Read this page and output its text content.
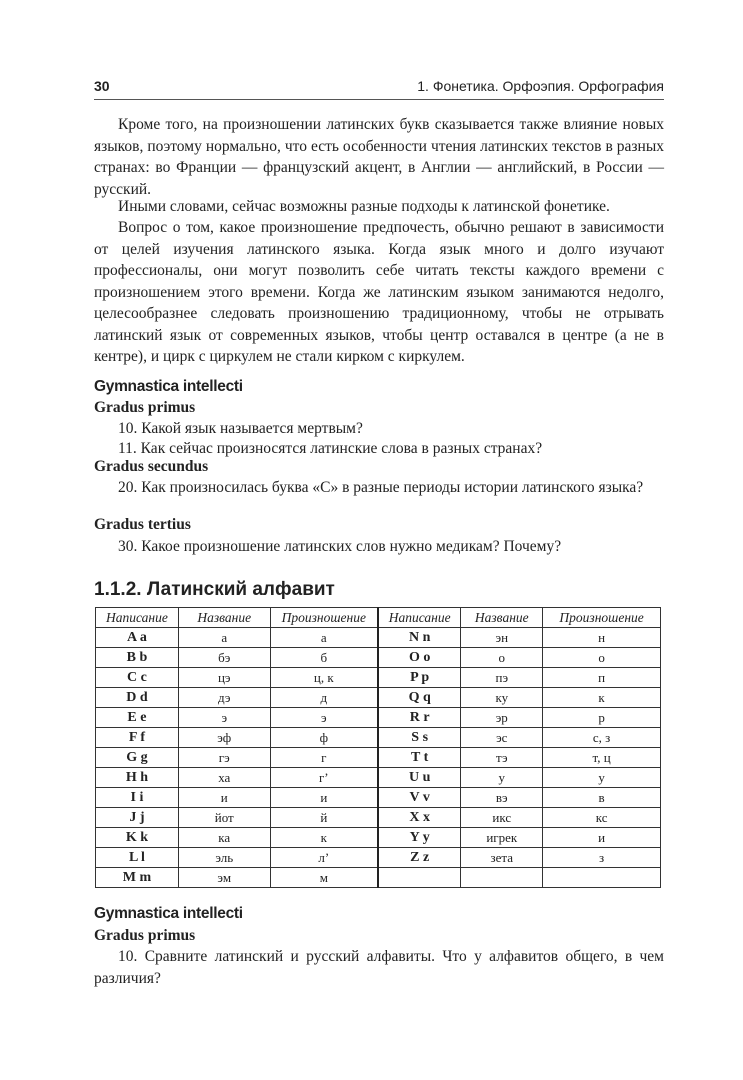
30	1. Фонетика. Орфоэпия. Орфография

Кроме того, на произношении латинских букв сказывается также влияние новых языков, поэтому нормально, что есть особенности чтения латинских текстов в разных странах: во Франции — французский акцент, в Англии — английский, в России — русский.

Иными словами, сейчас возможны разные подходы к латинской фонетике.

Вопрос о том, какое произношение предпочесть, обычно решают в зависимости от целей изучения латинского языка. Когда язык много и долго изучают профессионалы, они могут позволить себе читать тексты каждого времени с произношением этого времени. Когда же латинским языком занимаются недолго, целесообразнее следовать произношению традиционному, чтобы не отрывать латинский язык от современных языков, чтобы центр оставался в центре (а не в кентре), и цирк с циркулем не стали кирком с киркулем.

Gymnastica intellecti
Gradus primus

10. Какой язык называется мертвым?

11. Как сейчас произносятся латинские слова в разных странах?

Gradus secundus

20. Как произносилась буква «С» в разные периоды истории латинского языка?

Gradus tertius

30. Какое произношение латинских слов нужно медикам? Почему?

1.1.2. Латинский алфавит
Написание	Название	Произношение	Написание	Название	Произношение
A a	а	а	N n	эн	н
B b	бэ	б	O o	о	о
C c	цэ	ц, к	P p	пэ	п
D d	дэ	д	Q q	ку	к
E e	э	э	R r	эр	р
F f	эф	ф	S s	эс	с, з
G g	гэ	г	T t	тэ	т, ц
H h	ха	г’	U u	у	у
I i	и	и	V v	вэ	в
J j	йот	й	X x	икс	кс
K k	ка	к	Y y	игрек	и
L l	эль	л’	Z z	зета	з
M m	эм	м			
Gymnastica intellecti
Gradus primus

10. Сравните латинский и русский алфавиты. Что у алфавитов общего, в чем различия?
